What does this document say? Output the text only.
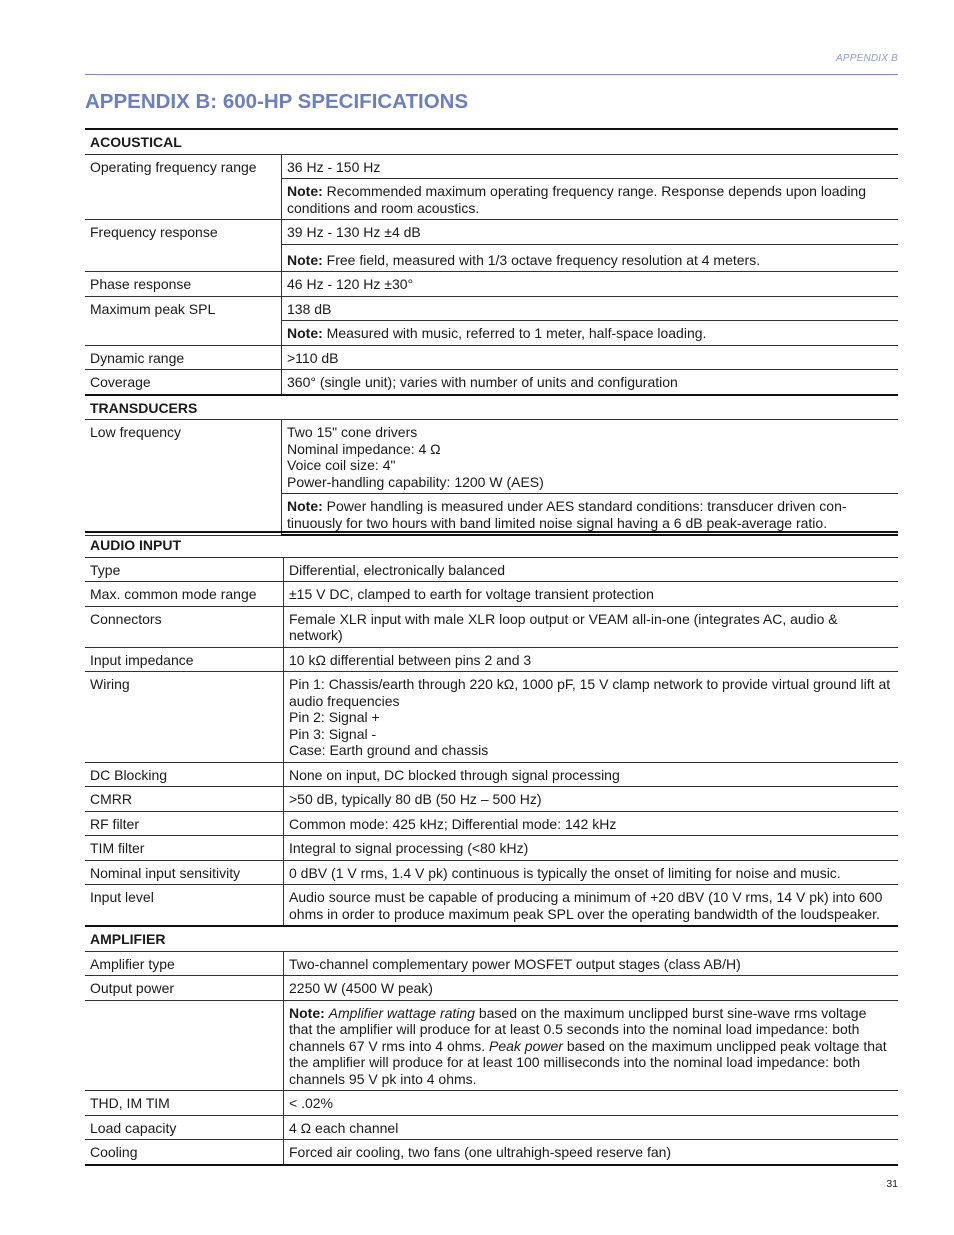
APPENDIX B
APPENDIX B: 600-HP SPECIFICATIONS
ACOUSTICAL	
Operating frequency range	36 Hz - 150 Hz
	Note: Recommended maximum operating frequency range. Response depends upon loading conditions and room acoustics.
Frequency response	39 Hz - 130 Hz ±4 dB
	Note: Free field, measured with 1/3 octave frequency resolution at 4 meters.
Phase response	46 Hz - 120 Hz ±30°
Maximum peak SPL	138 dB
	Note: Measured with music, referred to 1 meter, half-space loading.
Dynamic range	>110 dB
Coverage	360° (single unit); varies with number of units and configuration
TRANSDUCERS	
Low frequency	Two 15" cone drivers
Nominal impedance: 4 Ω
Voice coil size: 4"
Power-handling capability: 1200 W (AES)

	Note: Power handling is measured under AES standard conditions: transducer driven con-tinuously for two hours with band limited noise signal having a 6 dB peak-average ratio.
AUDIO INPUT	
Type	Differential, electronically balanced
Max. common mode range	±15 V DC, clamped to earth for voltage transient protection
Connectors	Female XLR input with male XLR loop output or VEAM all-in-one (integrates AC, audio & network)
Input impedance	10 kΩ differential between pins 2 and 3
Wiring	Pin 1: Chassis/earth through 220 kΩ, 1000 pF, 15 V clamp network to provide virtual ground lift at audio frequencies
Pin 2: Signal +
Pin 3: Signal -
Case: Earth ground and chassis

DC Blocking	None on input, DC blocked through signal processing
CMRR	>50 dB, typically 80 dB (50 Hz – 500 Hz)
RF filter	Common mode: 425 kHz; Differential mode: 142 kHz
TIM filter	Integral to signal processing (<80 kHz)
Nominal input sensitivity	0 dBV (1 V rms, 1.4 V pk) continuous is typically the onset of limiting for noise and music.
Input level	Audio source must be capable of producing a minimum of +20 dBV (10 V rms, 14 V pk) into 600 ohms in order to produce maximum peak SPL over the operating bandwidth of the loudspeaker.
AMPLIFIER	
Amplifier type	Two-channel complementary power MOSFET output stages (class AB/H)
Output power	2250 W (4500 W peak)
	Note: Amplifier wattage rating based on the maximum unclipped burst sine-wave rms voltage that the amplifier will produce for at least 0.5 seconds into the nominal load impedance: both channels 67 V rms into 4 ohms. Peak power based on the maximum unclipped peak voltage that the amplifier will produce for at least 100 milliseconds into the nominal load impedance: both channels 95 V pk into 4 ohms.
THD, IM TIM	< .02%
Load capacity	4 Ω each channel
Cooling	Forced air cooling, two fans (one ultrahigh-speed reserve fan)
31
